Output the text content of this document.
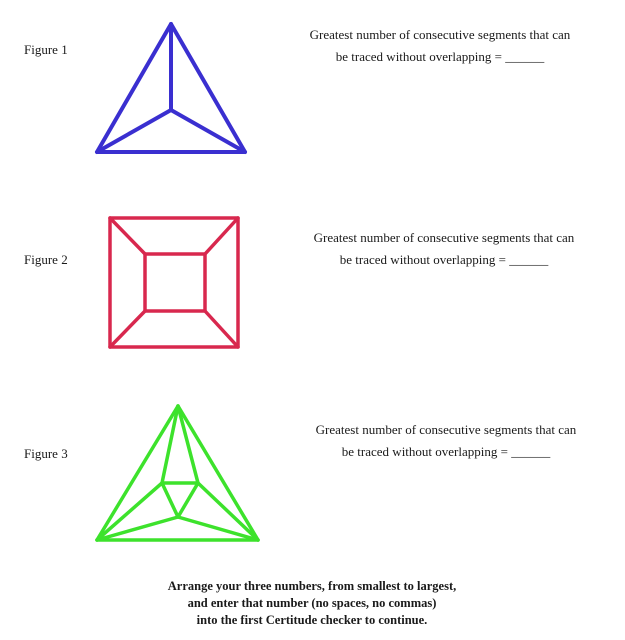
Figure 1
Greatest number of consecutive segments that can
be traced without overlapping = ______
Figure 2
Greatest number of consecutive segments that can
be traced without overlapping = ______
Figure 3
Greatest number of consecutive segments that can
be traced without overlapping = ______
Arrange your three numbers, from smallest to largest,
and enter that number (no spaces, no commas)
into the first Certitude checker to continue.
